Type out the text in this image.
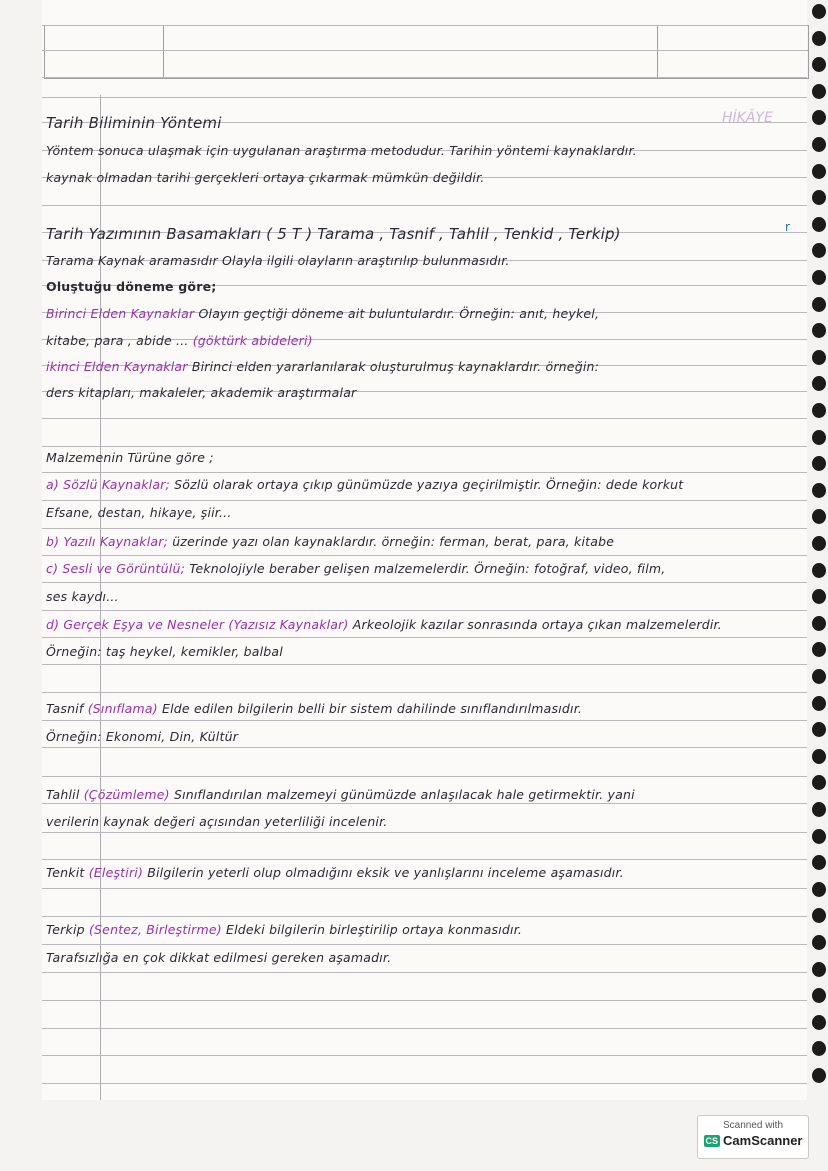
HİKÂYE
r
Tarih Biliminin Yöntemi
Yöntem sonuca ulaşmak için uygulanan araştırma metodudur. Tarihin yöntemi kaynaklardır.
kaynak olmadan tarihi gerçekleri ortaya çıkarmak mümkün değildir.
Tarih Yazımının Basamakları ( 5 T ) Tarama , Tasnif , Tahlil , Tenkid , Terkip)
Tarama Kaynak aramasıdır Olayla ilgili olayların araştırılıp bulunmasıdır.
Oluştuğu döneme göre;
Birinci Elden Kaynaklar Olayın geçtiği döneme ait buluntulardır. Örneğin: anıt, heykel,
kitabe, para , abide ... (göktürk abideleri)
ikinci Elden Kaynaklar Birinci elden yararlanılarak oluşturulmuş kaynaklardır. örneğin:
ders kitapları, makaleler, akademik araştırmalar
Malzemenin Türüne göre ;
a) Sözlü Kaynaklar; Sözlü olarak ortaya çıkıp günümüzde yazıya geçirilmiştir. Örneğin: dede korkut
Efsane, destan, hikaye, şiir...
b) Yazılı Kaynaklar; üzerinde yazı olan kaynaklardır. örneğin: ferman, berat, para, kitabe
c) Sesli ve Görüntülü; Teknolojiyle beraber gelişen malzemelerdir. Örneğin: fotoğraf, video, film,
ses kaydı...
d) Gerçek Eşya ve Nesneler (Yazısız Kaynaklar) Arkeolojik kazılar sonrasında ortaya çıkan malzemelerdir.
Örneğin: taş heykel, kemikler, balbal
Tasnif (Sınıflama) Elde edilen bilgilerin belli bir sistem dahilinde sınıflandırılmasıdır.
Örneğin: Ekonomi, Din, Kültür
Tahlil (Çözümleme) Sınıflandırılan malzemeyi günümüzde anlaşılacak hale getirmektir. yani
verilerin kaynak değeri açısından yeterliliği incelenir.
Tenkit (Eleştiri) Bilgilerin yeterli olup olmadığını eksik ve yanlışlarını inceleme aşamasıdır.
Terkip (Sentez, Birleştirme) Eldeki bilgilerin birleştirilip ortaya konmasıdır.
Tarafsızlığa en çok dikkat edilmesi gereken aşamadır.
Scanned with
CS CamScanner
